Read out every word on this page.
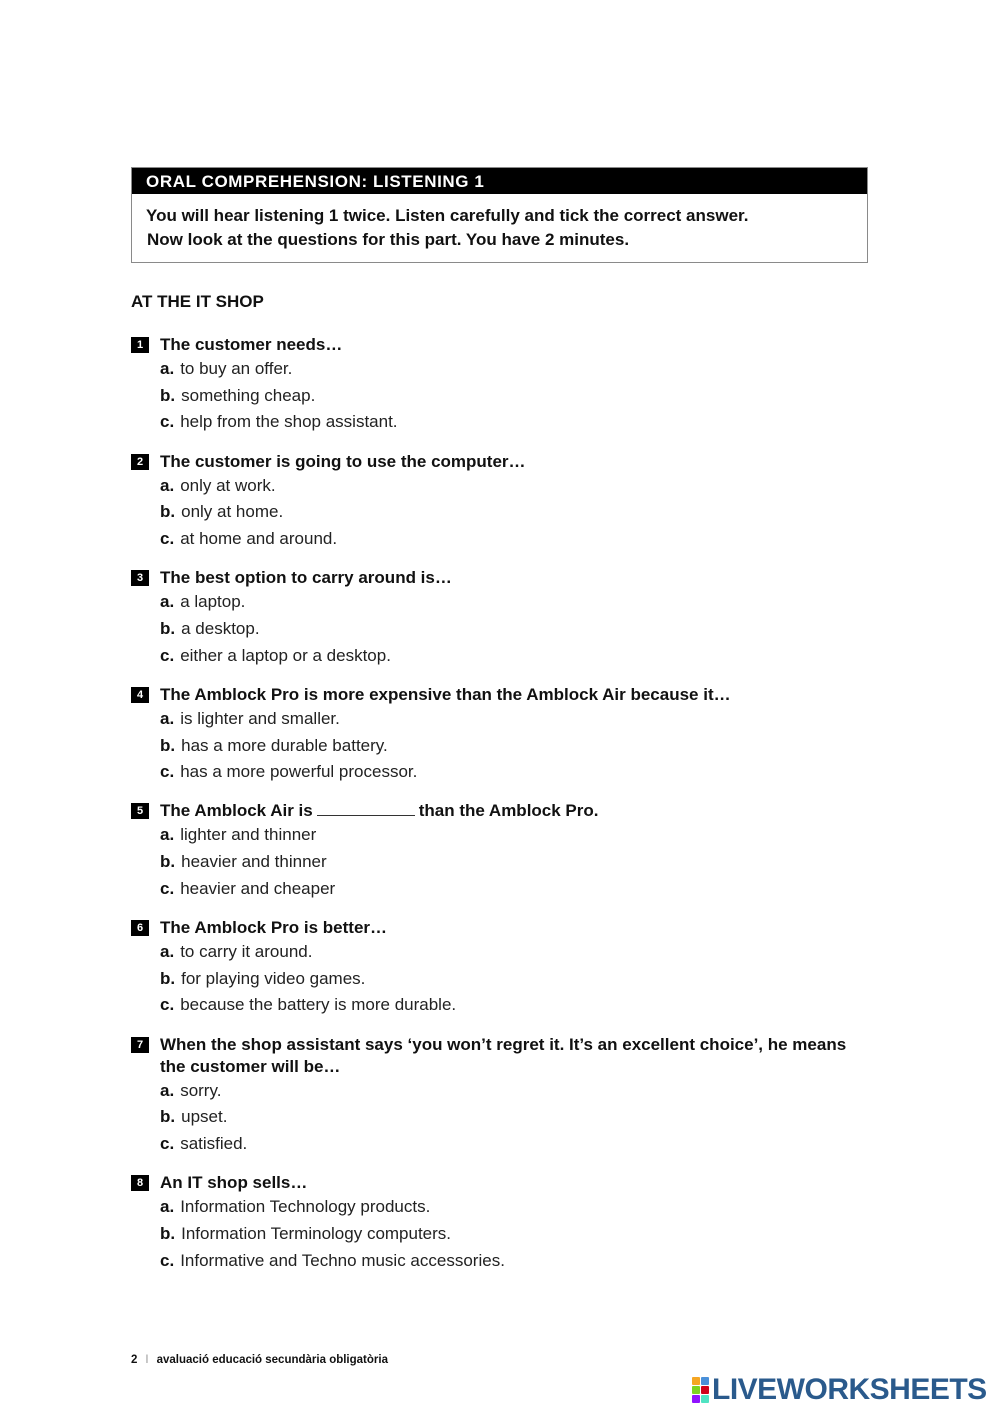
ORAL COMPREHENSION: LISTENING 1
You will hear listening 1 twice. Listen carefully and tick the correct answer.
Now look at the questions for this part. You have 2 minutes.
AT THE IT SHOP
1 The customer needs…
a. to buy an offer.
b. something cheap.
c. help from the shop assistant.
2 The customer is going to use the computer…
a. only at work.
b. only at home.
c. at home and around.
3 The best option to carry around is…
a. a laptop.
b. a desktop.
c. either a laptop or a desktop.
4 The Amblock Pro is more expensive than the Amblock Air because it…
a. is lighter and smaller.
b. has a more durable battery.
c. has a more powerful processor.
5 The Amblock Air is	than the Amblock Pro.
a. lighter and thinner
b. heavier and thinner
c. heavier and cheaper
6 The Amblock Pro is better…
a. to carry it around.
b. for playing video games.
c. because the battery is more durable.
7 When the shop assistant says ‘you won’t regret it. It’s an excellent choice’, he means the customer will be…
a. sorry.
b. upset.
c. satisfied.
8 An IT shop sells…
a. Information Technology products.
b. Information Terminology computers.
c. Informative and Techno music accessories.
2 I avaluació educació secundària obligatòria
LIVEWORKSHEETS
